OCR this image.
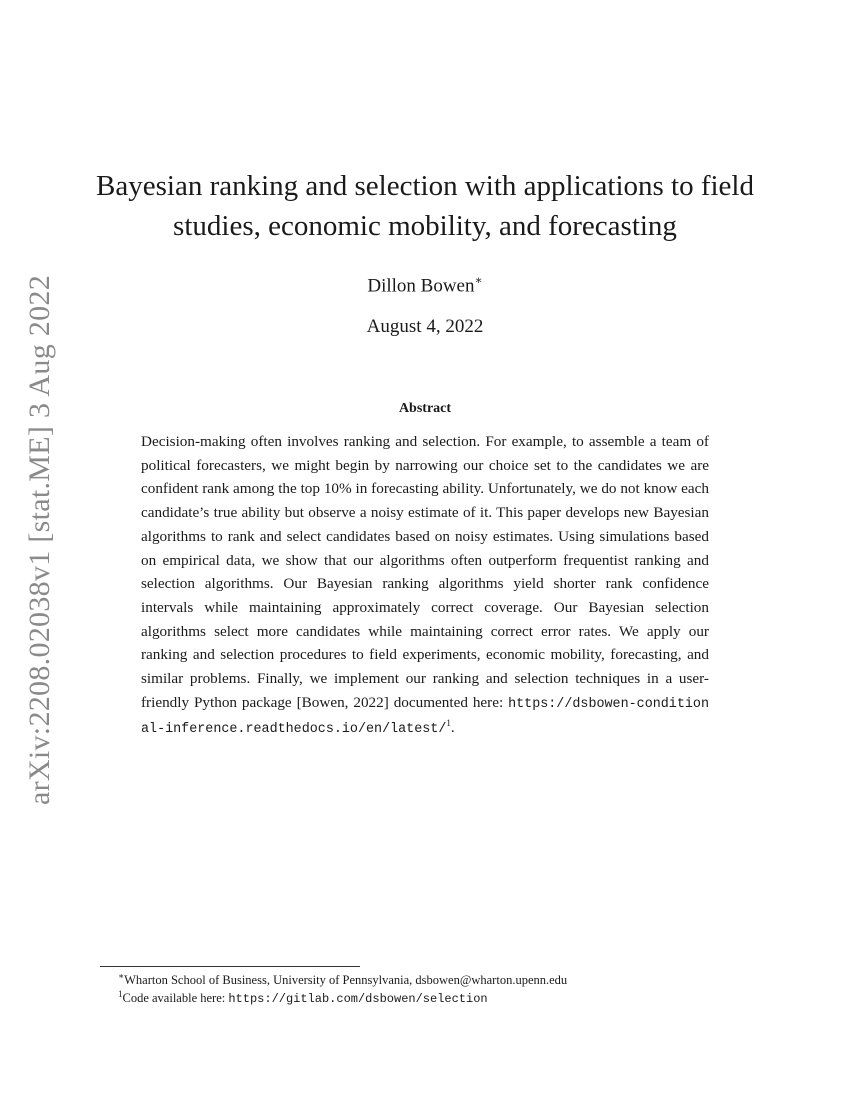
arXiv:2208.02038v1 [stat.ME] 3 Aug 2022
Bayesian ranking and selection with applications to field
studies, economic mobility, and forecasting
Dillon Bowen∗
August 4, 2022
Abstract

Decision-making often involves ranking and selection. For example, to assemble a team of political forecasters, we might begin by narrowing our choice set to the candidates we are confident rank among the top 10% in forecasting ability. Unfortunately, we do not know each candidate’s true ability but observe a noisy estimate of it. This paper develops new Bayesian algorithms to rank and select candidates based on noisy estimates. Using simulations based on empirical data, we show that our algorithms often outperform frequentist ranking and selection algorithms. Our Bayesian ranking algorithms yield shorter rank confidence intervals while maintaining approximately correct coverage. Our Bayesian selection algorithms select more candidates while maintaining correct error rates. We apply our ranking and selection procedures to field experiments, economic mobility, forecasting, and similar problems. Finally, we implement our ranking and selection techniques in a user-friendly Python package [Bowen, 2022] documented here: https://dsbowen-conditional-inference.readthedocs.io/en/latest/$^1$.

∗Wharton School of Business, University of Pennsylvania, dsbowen@wharton.upenn.edu
$^1$Code available here: https://gitlab.com/dsbowen/selection
